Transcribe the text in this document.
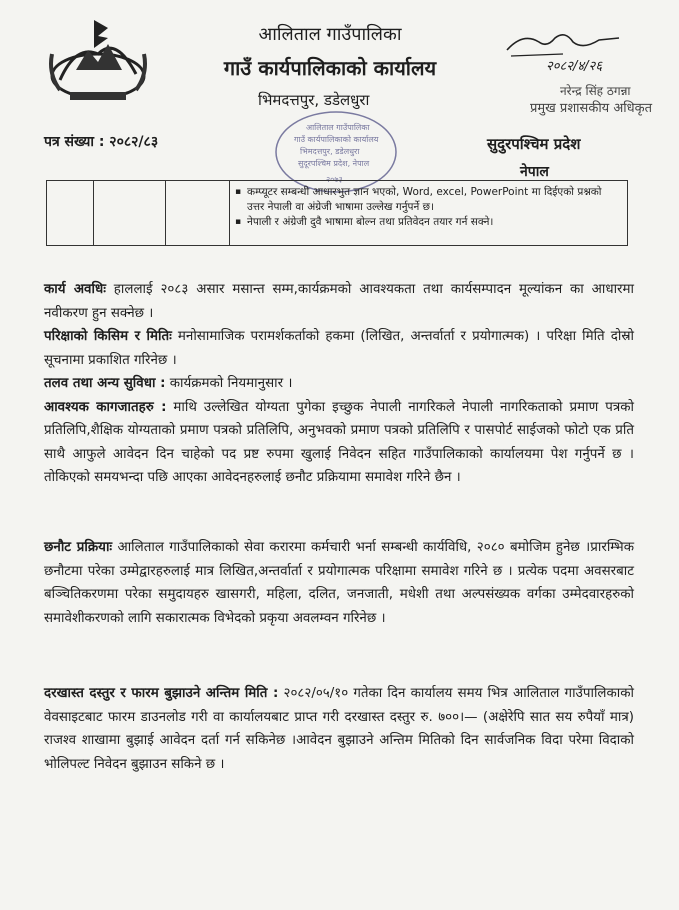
आलिताल गाउँपालिका
गाउँ कार्यपालिकाको कार्यालय
भिमदत्तपुर, डडेलधुरा
२०८२/४/२६
नरेन्द्र सिंह ठगन्ना
प्रमुख प्रशासकीय अधिकृत
आलिताल गाउँपालिका
गाउँ कार्यपालिकाको कार्यालय
भिमदत्तपुर, डडेलधुरा
सुदूरपश्चिम प्रदेश, नेपाल
२०७३
पत्र संख्या : २०८२/८३	सुदुरपश्चिम प्रदेश
नेपाल
▪ कम्प्यूटर सम्बन्धी आधारभुत ज्ञान भएको, Word, excel, PowerPoint मा दिईएको प्रश्नको उत्तर नेपाली वा अंग्रेजी भाषामा उल्लेख गर्नुपर्ने छ।
▪ नेपाली र अंग्रेजी दुवै भाषामा बोल्न तथा प्रतिवेदन तयार गर्न सक्ने।

कार्य अवधिः हाललाई २०८३ असार मसान्त सम्म,कार्यक्रमको आवश्यकता तथा कार्यसम्पादन मूल्यांकन का आधारमा नवीकरण हुन सक्नेछ ।

परिक्षाको किसिम र मितिः मनोसामाजिक परामर्शकर्ताको हकमा (लिखित, अन्तर्वार्ता र प्रयोगात्मक) । परिक्षा मिति दोस्रो सूचनामा प्रकाशित गरिनेछ ।

तलव तथा अन्य सुविधा : कार्यक्रमको नियमानुसार ।

आवश्यक कागजातहरु : माथि उल्लेखित योग्यता पुगेका इच्छुक नेपाली नागरिकले नेपाली नागरिकताको प्रमाण पत्रको प्रतिलिपि,शैक्षिक योग्यताको प्रमाण पत्रको प्रतिलिपि, अनुभवको प्रमाण पत्रको प्रतिलिपि र पासपोर्ट साईजको फोटो एक प्रति साथै आफुले आवेदन दिन चाहेको पद प्रष्ट रुपमा खुलाई निवेदन सहित गाउँपालिकाको कार्यालयमा पेश गर्नुपर्ने छ । तोकिएको समयभन्दा पछि आएका आवेदनहरुलाई छनौट प्रक्रियामा समावेश गरिने छैन ।

छनौट प्रक्रियाः आलिताल गाउँपालिकाको सेवा करारमा कर्मचारी भर्ना सम्बन्धी कार्यविधि, २०८० बमोजिम हुनेछ ।प्रारम्भिक छनौटमा परेका उम्मेद्वारहरुलाई मात्र लिखित,अन्तर्वार्ता र प्रयोगात्मक परिक्षामा समावेश गरिने छ । प्रत्येक पदमा अवसरबाट बञ्चितिकरणमा परेका समुदायहरु खासगरी, महिला, दलित, जनजाती, मधेशी तथा अल्पसंख्यक वर्गका उम्मेदवारहरुको समावेशीकरणको लागि सकारात्मक विभेदको प्रकृया अवलम्वन गरिनेछ ।

दरखास्त दस्तुर र फारम बुझाउने अन्तिम मिति : २०८२/०५/१० गतेका दिन कार्यालय समय भित्र आलिताल गाउँपालिकाको वेवसाइटबाट फारम डाउनलोड गरी वा कार्यालयबाट प्राप्त गरी दरखास्त दस्तुर रु. ७००।— (अक्षेरेपि सात सय रुपैयाँ मात्र) राजश्व शाखामा बुझाई आवेदन दर्ता गर्न सकिनेछ ।आवेदन बुझाउने अन्तिम मितिको दिन सार्वजनिक विदा परेमा विदाको भोलिपल्ट निवेदन बुझाउन सकिने छ ।
